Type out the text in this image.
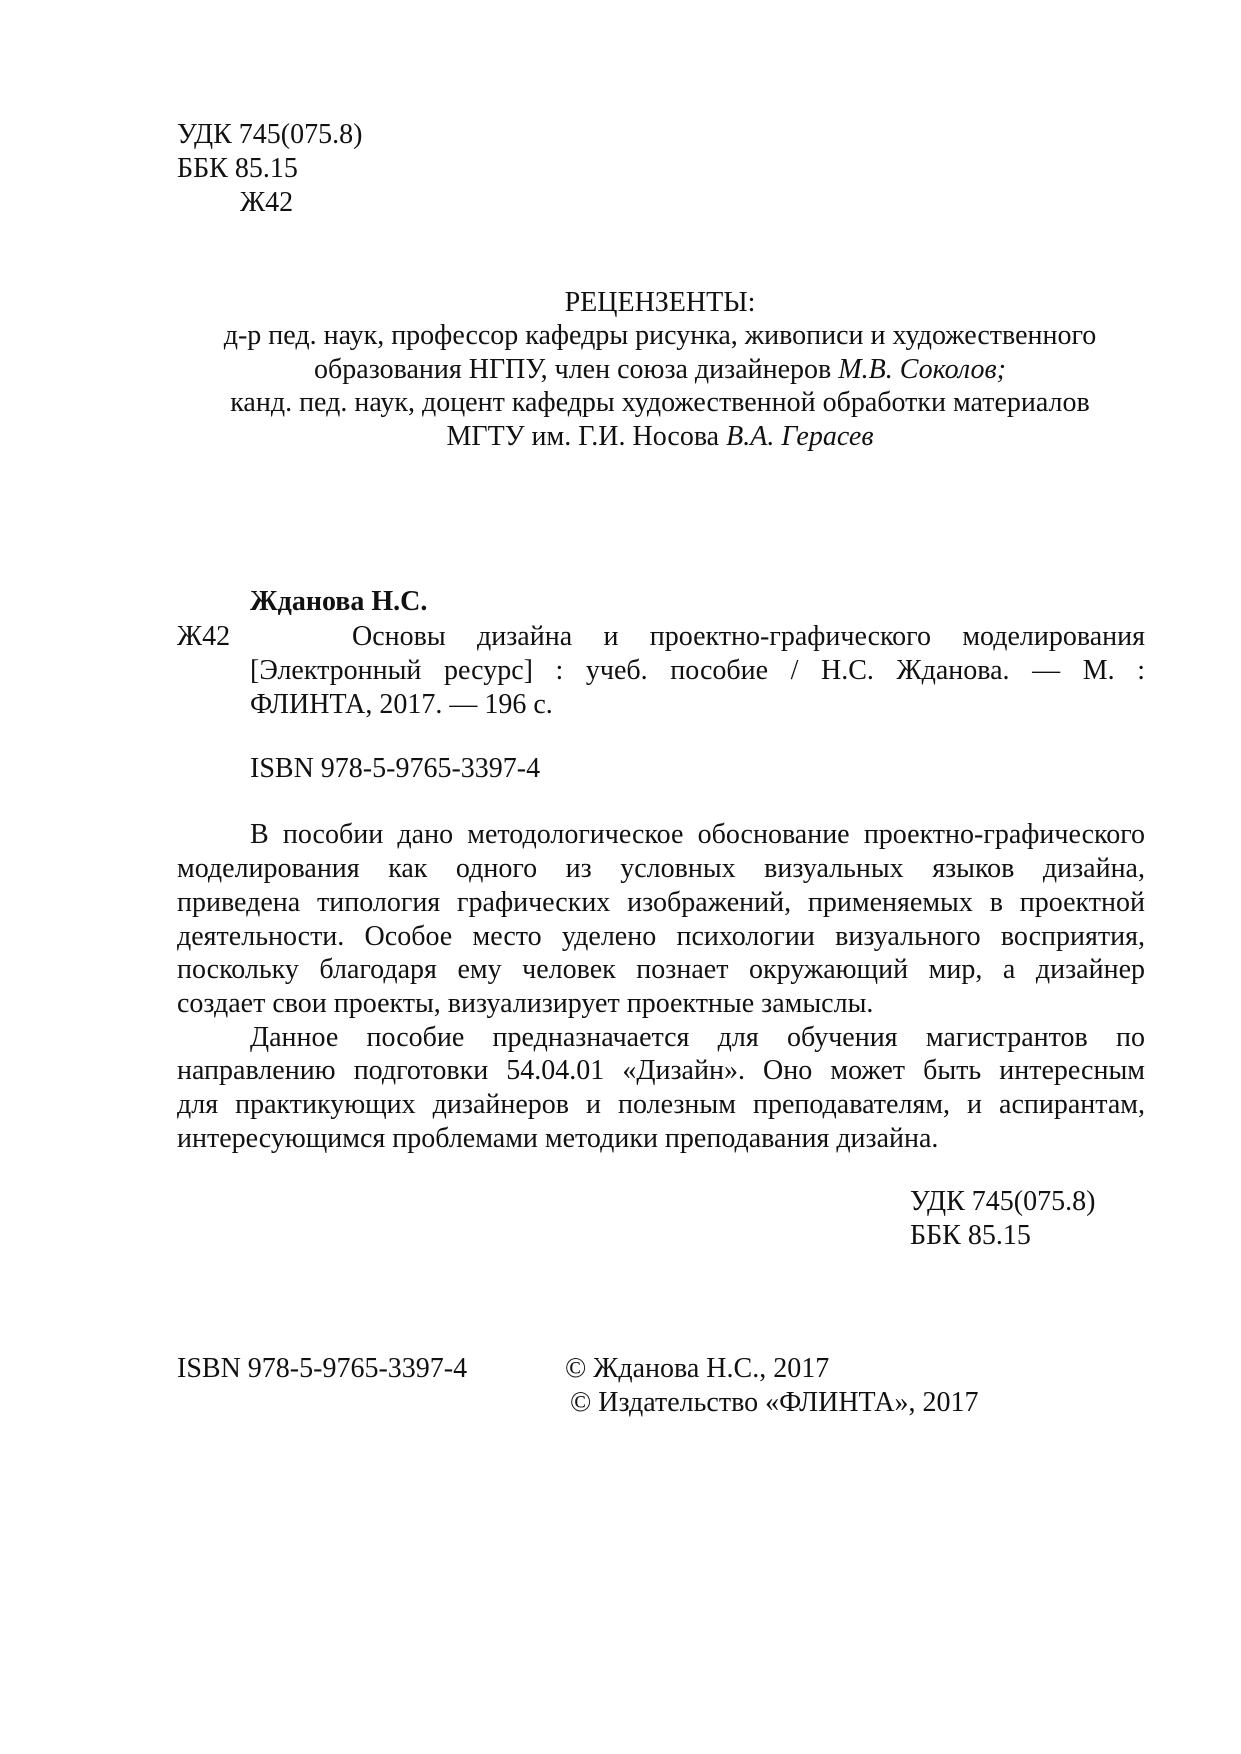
УДК 745(075.8)

ББК 85.15

Ж42

РЕЦЕНЗЕНТЫ:

д-р пед. наук, профессор кафедры рисунка, живописи и художественного

образования НГПУ, член союза дизайнеров М.В. Соколов;

канд. пед. наук, доцент кафедры художественной обработки материалов

МГТУ им. Г.И. Носова В.А. Герасев

Жданова Н.С.

Ж42	Основы дизайна и проектно-графического моделирования

[Электронный ресурс] : учеб. пособие / Н.С. Жданова. — М. :

ФЛИНТА, 2017. — 196 с.

ISBN 978-5-9765-3397-4

В пособии дано методологическое обоснование проектно-графического

моделирования как одного из условных визуальных языков дизайна,

приведена типология графических изображений, применяемых в проектной

деятельности. Особое место уделено психологии визуального восприятия,

поскольку благодаря ему человек познает окружающий мир, а дизайнер

создает свои проекты, визуализирует проектные замыслы.

Данное пособие предназначается для обучения магистрантов по

направлению подготовки 54.04.01 «Дизайн». Оно может быть интересным

для практикующих дизайнеров и полезным преподавателям, и аспирантам,

интересующимся проблемами методики преподавания дизайна.

УДК 745(075.8)

ББК 85.15

ISBN 978-5-9765-3397-4	© Жданова Н.С., 2017

© Издательство «ФЛИНТА», 2017
